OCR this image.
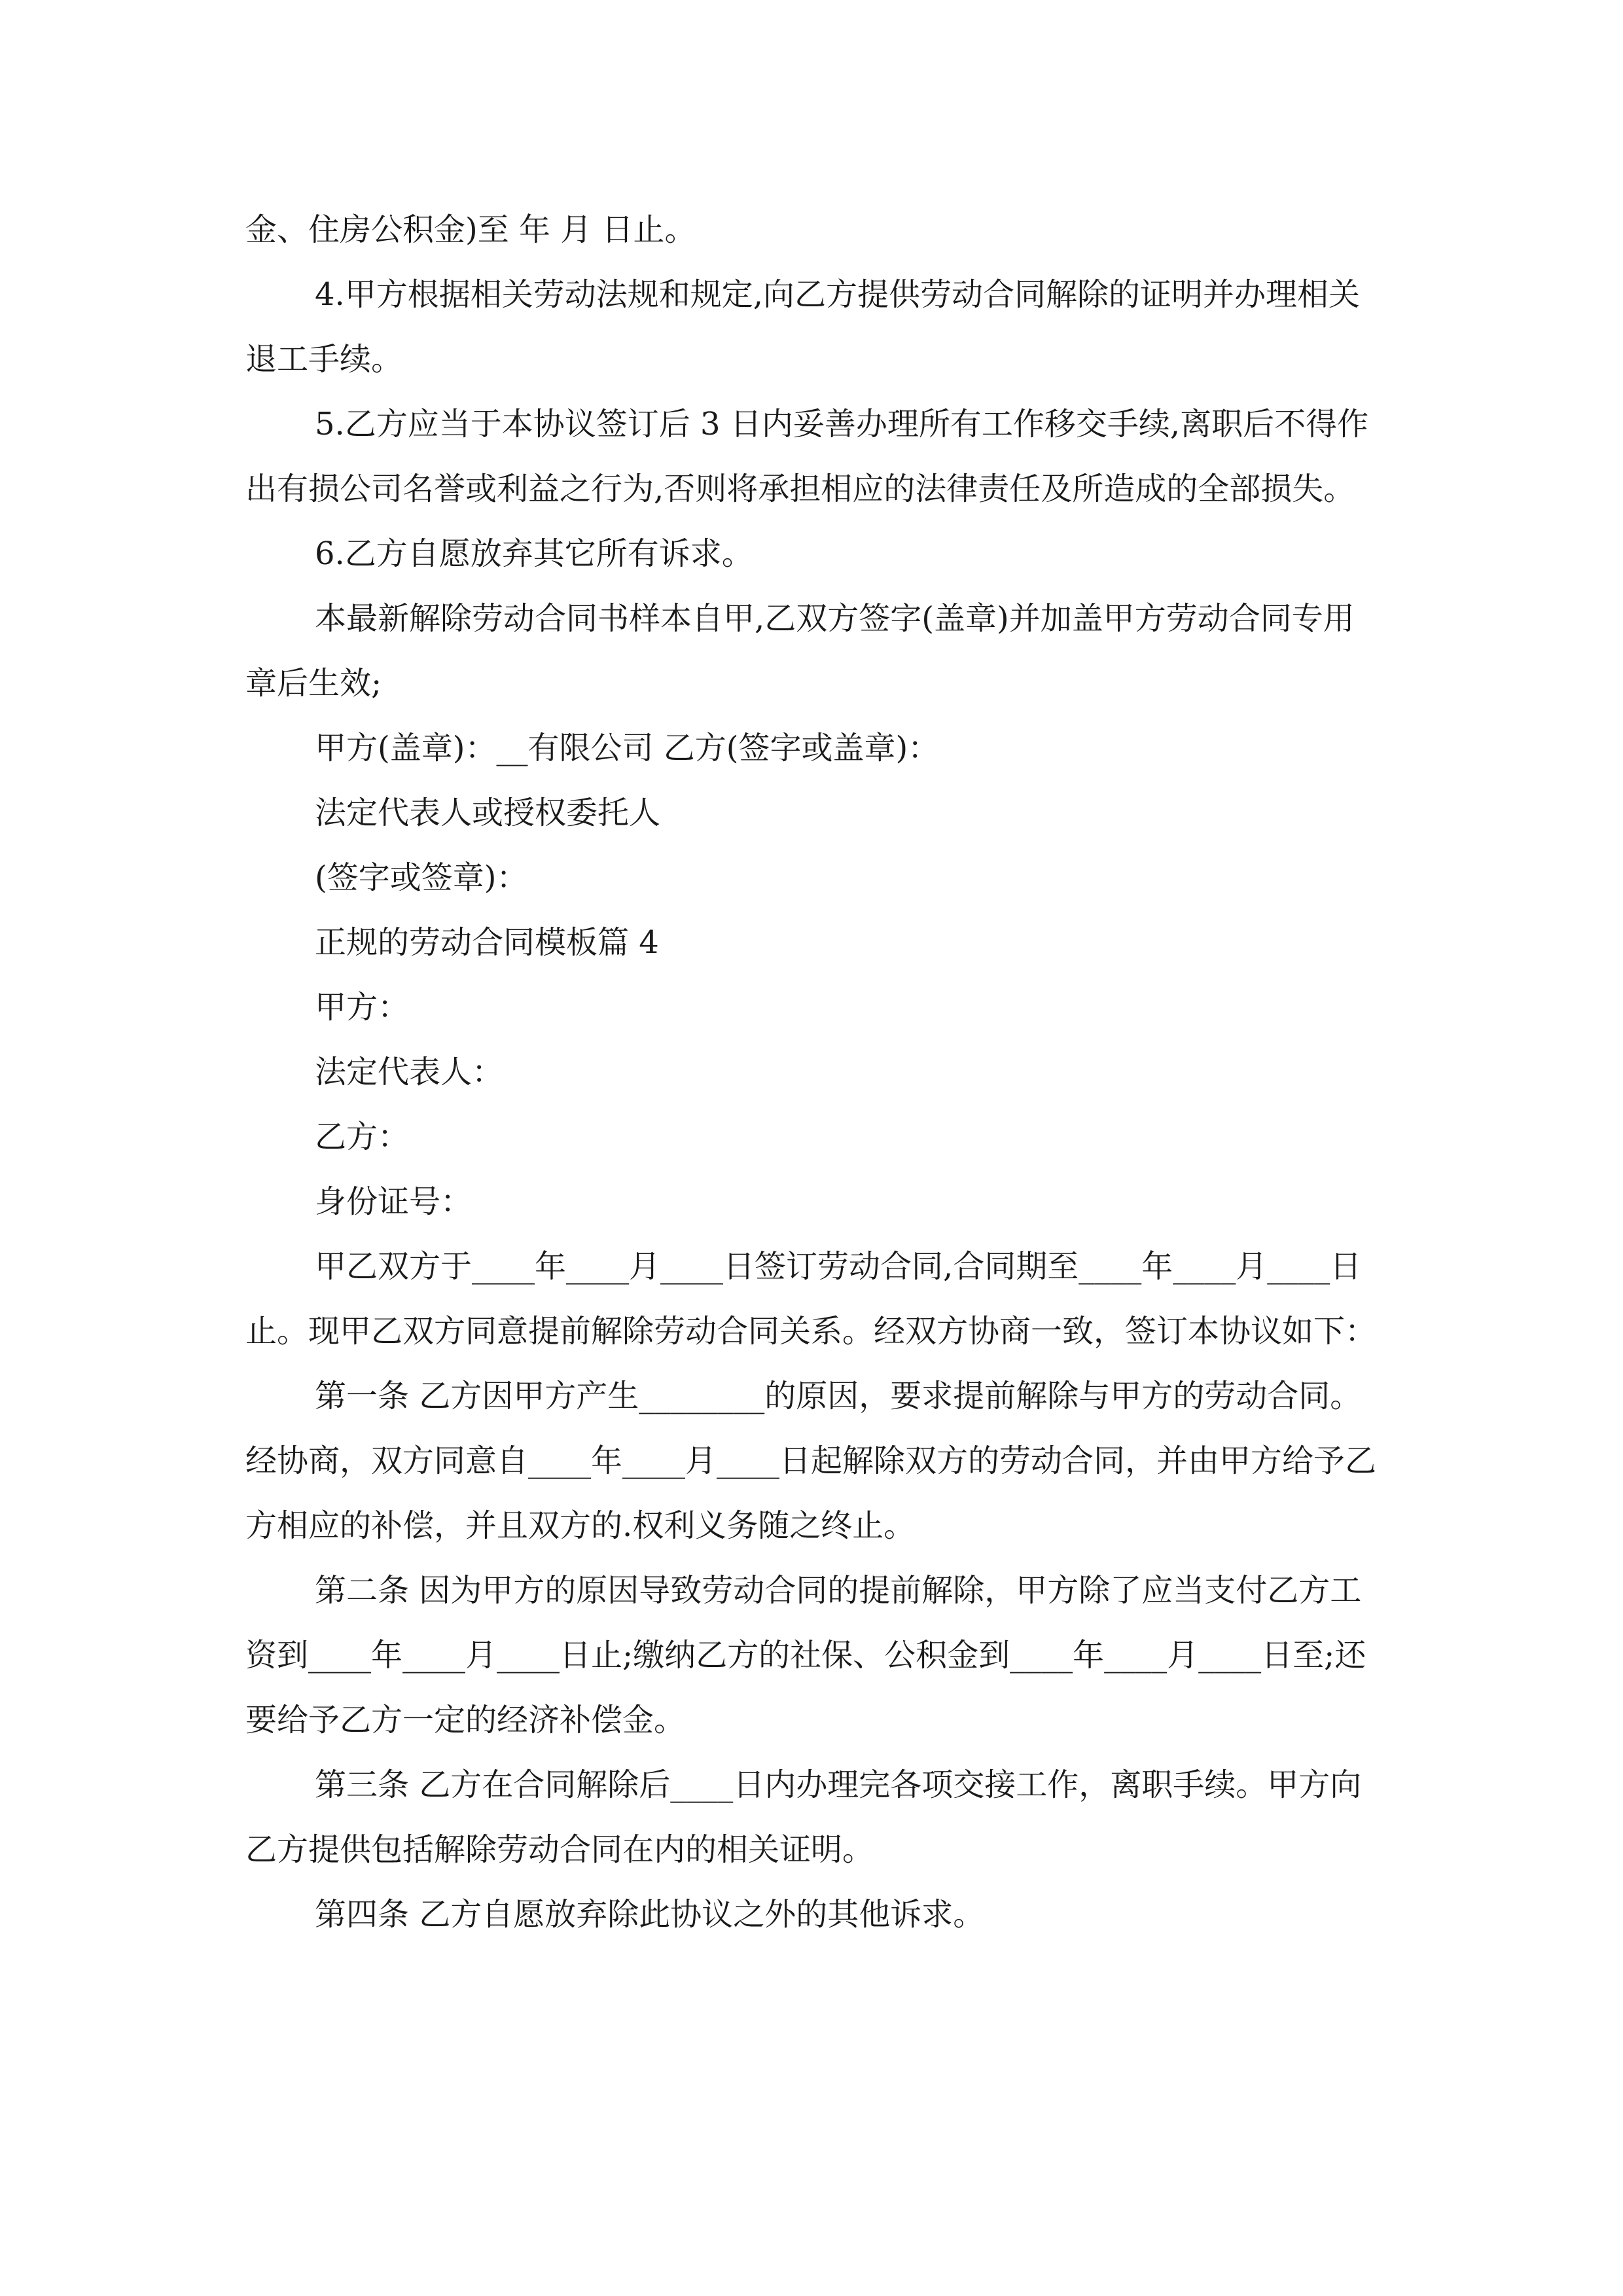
金、住房公积金)至 年 月 日止。

4.甲方根据相关劳动法规和规定,向乙方提供劳动合同解除的证明并办理相关退工手续。

5.乙方应当于本协议签订后 3 日内妥善办理所有工作移交手续,离职后不得作出有损公司名誉或利益之行为,否则将承担相应的法律责任及所造成的全部损失。

6.乙方自愿放弃其它所有诉求。

本最新解除劳动合同书样本自甲,乙双方签字(盖章)并加盖甲方劳动合同专用章后生效;

甲方(盖章)：__有限公司 乙方(签字或盖章)：

法定代表人或授权委托人

(签字或签章)：

正规的劳动合同模板篇 4

甲方：

法定代表人：

乙方：

身份证号：

甲乙双方于____年____月____日签订劳动合同,合同期至____年____月____日止。现甲乙双方同意提前解除劳动合同关系。经双方协商一致，签订本协议如下：

第一条 乙方因甲方产生________的原因，要求提前解除与甲方的劳动合同。经协商，双方同意自____年____月____日起解除双方的劳动合同，并由甲方给予乙方相应的补偿，并且双方的.权利义务随之终止。

第二条 因为甲方的原因导致劳动合同的提前解除，甲方除了应当支付乙方工资到____年____月____日止;缴纳乙方的社保、公积金到____年____月____日至;还要给予乙方一定的经济补偿金。

第三条 乙方在合同解除后____日内办理完各项交接工作，离职手续。甲方向乙方提供包括解除劳动合同在内的相关证明。

第四条 乙方自愿放弃除此协议之外的其他诉求。
